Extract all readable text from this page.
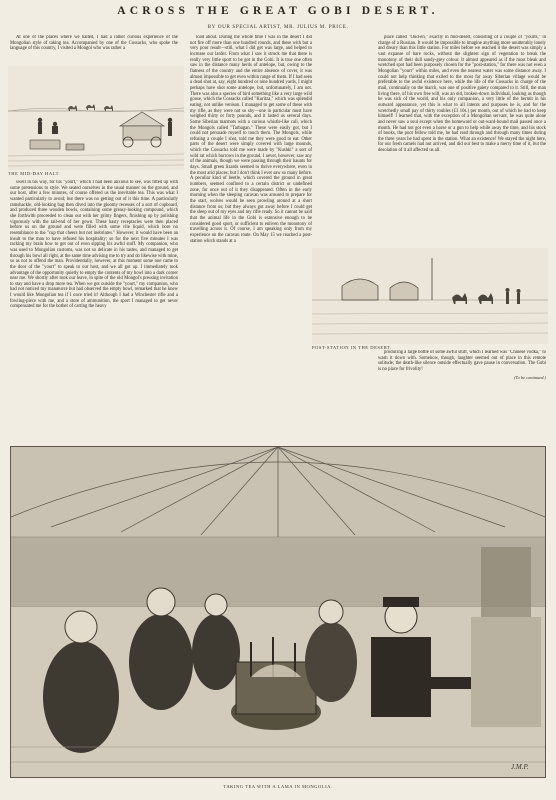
ACROSS THE GREAT GOBI DESERT.
BY OUR SPECIAL ARTIST, MR. JULIUS M. PRICE.

At one of the places where we halted, I had a rather curious experience of the Mongolian style of taking tea. Accompanied by one of the Cossacks, who spoke the language of this country, I visited a Mongol who was rather a

THE MID-DAY HALT.

swell in his way, for his "yourt," which I had been anxious to see, was fitted up with some pretensions to style. We seated ourselves in the usual manner on the ground, and our host, after a few minutes, of course offered us the inevitable tea. This was what I wanted particularly to avoid; but there was no getting out of it this time. A particularly ramshackle, old-looking bag then dived into the gloomy recesses of a sort of cupboard, and produced three wooden bowls, containing some greasy-looking compound, which she forthwith proceeded to clean out with her grimy fingers, finishing up by polishing vigorously with the tail-end of her gown. These hasty receptacles were then placed before us on the ground and were filled with some vile liquid, which bore no resemblance to the "cup that cheers but not inebriates." However, it would have been an insult to the man to have refused his hospitality; so for the next five minutes I was racking my brain how to get out of even sipping his awful stuff. My companion, who was used to Mongolian customs, was not so delicate in his tastes, and managed to get through his bowl all right, at the same time advising me to try and do likewise with mine, so as not to offend the man. Providentially, however, at this moment some one came to the door of the "yourt" to speak to our host, and we all got up. I immediately took advantage of the opportunity quietly to empty the contents of my bowl into a dark corner near me. We shortly after took our leave, in spite of the old Mongol's pressing invitation to stay and have a drop more tea. When we got outside the "yourt," my companion, who had not noticed my manœuvre but had observed the empty bowl, remarked that he knew I would like Mongolian tea if I once tried it! Although I had a Winchester rifle and a fowling-piece with me, and a store of ammunition, the sport I managed to get never compensated me for the bother of carting the heavy

load about. During the whole time I was in the desert I did not fire off more than one hundred rounds, and these with but a very poor result—still, what I did get was large, and helped to increase our larder. From what I saw it struck me that there is really very little sport to be got in the Gobi. It is true one often saw in the distance many herds of antelope, but, owing to the flatness of the country and the entire absence of cover, it was almost impossible to get even within range of them. If I had seen a dead shot at, say, eight hundred or nine hundred yards, I might perhaps have shot some antelope, but, unfortunately, I am not. There was also a species of bird something like a very large wild goose, which the Cossacks called "Kuritza," which was splendid eating, not unlike venison. I managed to get some of these with my rifle, as they were not so shy—one in particular must have weighed thirty or forty pounds, and it lasted us several days. Some Siberian marmots with a curious whistle-like call, which the Mongols called "Tarbagan." These were easily got, but I could not persuade myself to touch them. The Mongols, while refusing a couple I shot, told me they were good to eat. Other parts of the desert were simply covered with large mounds, which the Cossacks told me were made by "Kushki" a sort of wild rat which burrows in the ground. I never, however, saw any of the animals, though we were passing through their haunts for days. Small green lizards seemed to thrive everywhere, even in the most arid places; but I don't think I ever saw so many before. A peculiar kind of beetle, which covered the ground in great numbers, seemed confined to a certain district or undefined zone, for once out of it they disappeared. Often in the early morning when the sleeping caravan was aroused to prepare for the start, wolves would be seen prowling around at a short distance from us; but they always got away before I could get the sleep out of my eyes and my rifle ready. So it cannot be said that the animal life in the Gobi is extensive enough to be considered good sport, or sufficient to enliven the monotony of travelling across it. Of course, I am speaking only from my experience on the caravan route. On May 15 we reached a post-station which stands at a

place called "Oud-en," exactly in mid-desert, consisting of a couple of "yourts," in charge of a Russian. It would be impossible to imagine anything more unutterably lonely and dreary than this little station. For miles before we reached it the desert was simply a vast expanse of bare rocks, without the slightest sign of vegetation to break the monotony of their dull sandy-grey colour. It almost appeared as if the most bleak and wretched spot had been purposely chosen for the "post-station," for there was not even a Mongolian "yourt" within miles, and even the nearest water was some distance away. I could not help thinking that exiled to the most far away Siberian village would be preferable to the awful existence here, while the life of the Cossacks in charge of the mail, continually on the march, was one of positive gaiety compared to it. Still, the man living there, of his own free will, was an old, broken-down individual, looking as though he was sick of the world, and his only companion, a very little of the hermit in his outward appearance, yet this is what to all intents and purposes he is, and for the wretchedly small pay of thirty roubles (£3 10s.) per month, out of which he had to keep himself! I learned that, with the exception of a Mongolian servant, he was quite alone and never saw a soul except when the homeward or out-ward-bound mail passed once a month. He had not got even a horse or a gun to help while away the time, and his stock of books, the poor fellow told me, he had read through and through many times during the three years he had spent in the station. What an existence! We stayed the night here, for our fresh camels had not arrived, and did our best to make a merry time of it, but the desolation of it all affected us all.

POST-STATION IN THE DESERT.

producing a large bottle of some awful stuff, which I learned was "Chinese vodka," to wash it down with. Somehow, though, laughter seemed out of place in this remote solitude; the death-like silence outside effectually gave pause in conversation. The Gobi is no place for frivolity!

(To be continued.)
J.M.P.
TAKING TEA WITH A LAMA IN MONGOLIA.
